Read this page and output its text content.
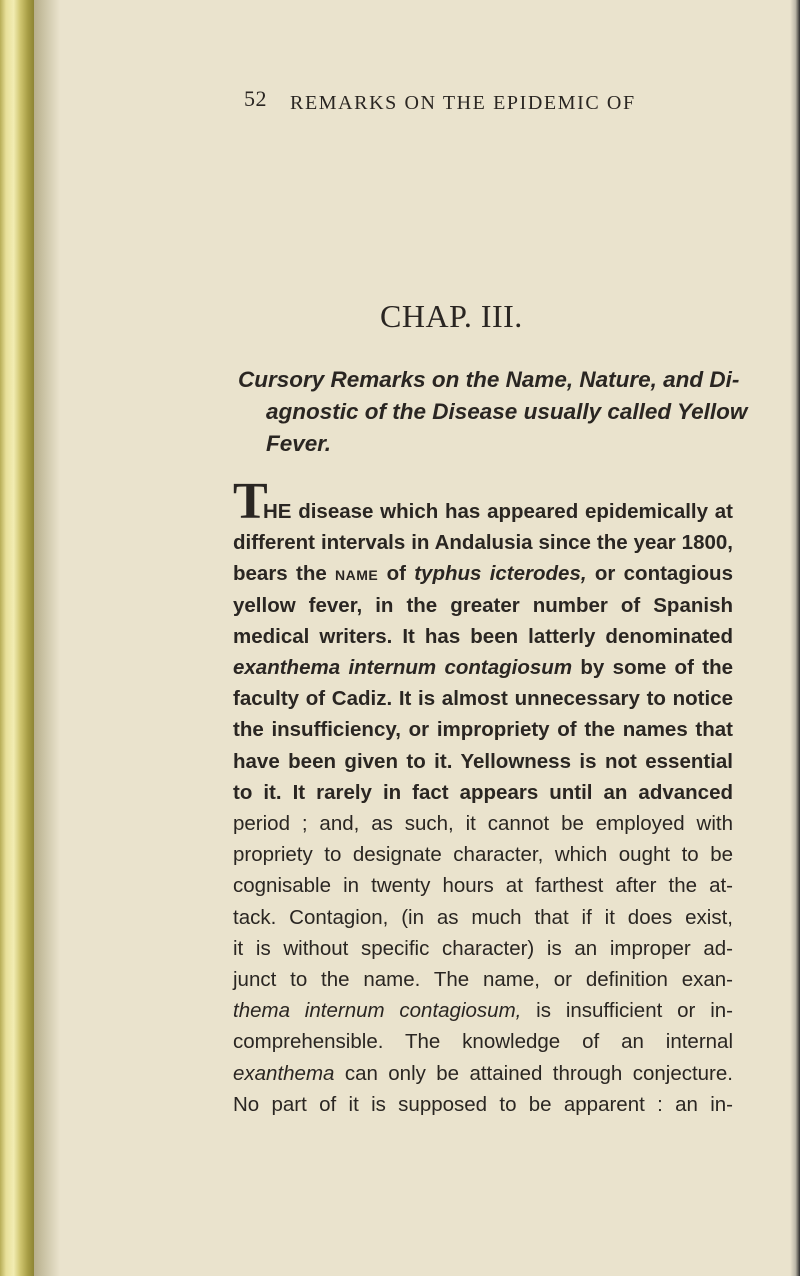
52 REMARKS ON THE EPIDEMIC OF
CHAP. III.
Cursory Remarks on the Name, Nature, and Di-
agnostic of the Disease usually called Yellow
Fever.
T
HE disease which has appeared epidemically at
different intervals in Andalusia since the year 1800,
bears the name of typhus icterodes, or contagious
yellow fever, in the greater number of Spanish
medical writers. It has been latterly denominated
exanthema internum contagiosum by some of the
faculty of Cadiz. It is almost unnecessary to notice
the insufficiency, or impropriety of the names that
have been given to it. Yellowness is not essential
to it. It rarely in fact appears until an advanced
period ; and, as such, it cannot be employed with
propriety to designate character, which ought to be
cognisable in twenty hours at farthest after the at-
tack. Contagion, (in as much that if it does exist,
it is without specific character) is an improper ad-
junct to the name. The name, or definition exan-
thema internum contagiosum, is insufficient or in-
comprehensible. The knowledge of an internal
exanthema can only be attained through conjecture.
No part of it is supposed to be apparent : an in-
